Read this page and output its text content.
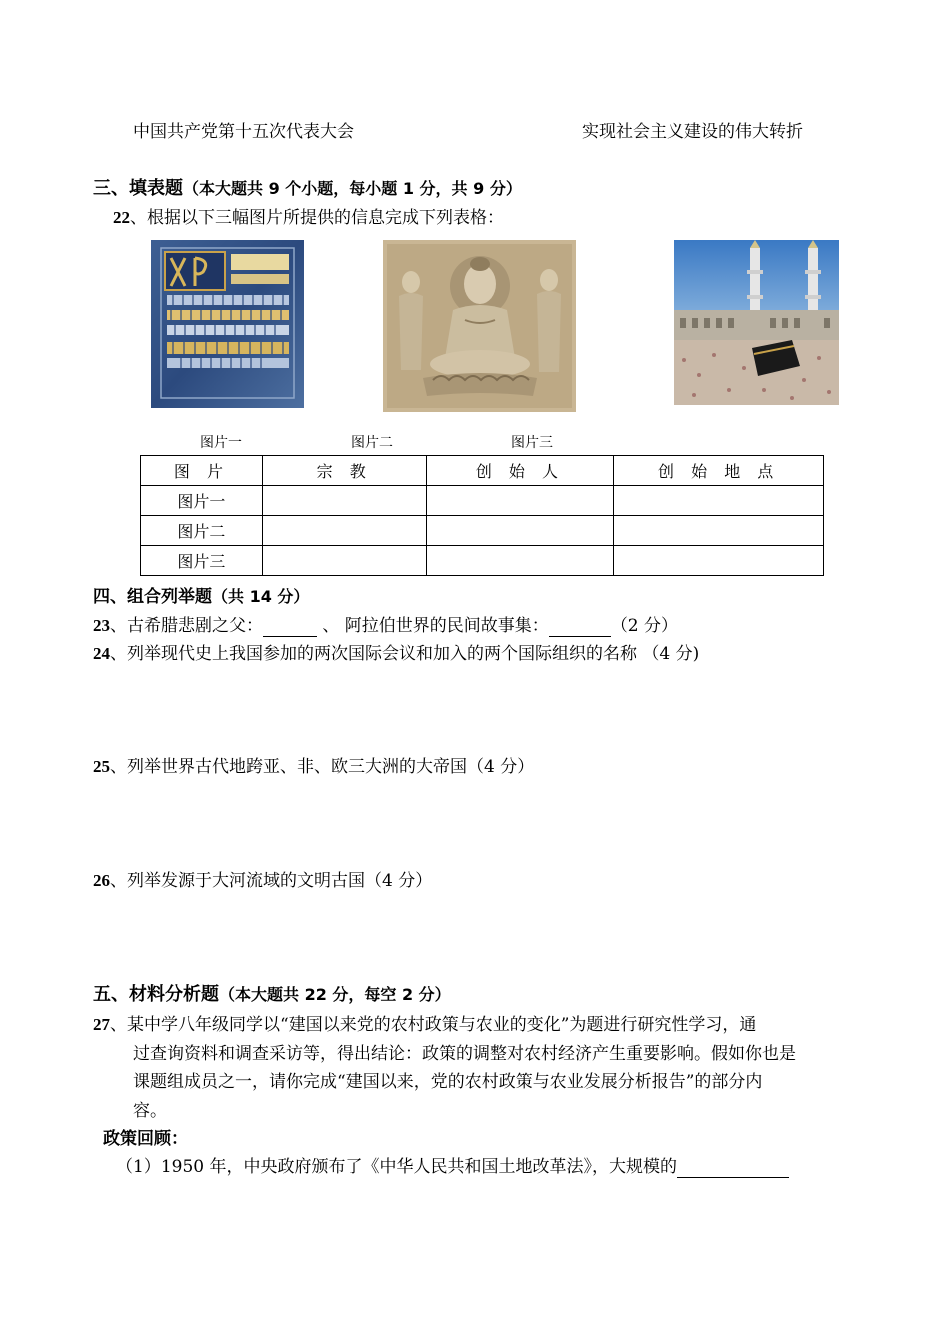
中国共产党第十五次代表大会	实现社会主义建设的伟大转折
三、填表题（本大题共 9 个小题，每小题 1 分，共 9 分）
22、根据以下三幅图片所提供的信息完成下列表格：
图片一	图片二	图片三
图 片	宗 教	创 始 人	创 始 地 点
图片一			
图片二			
图片三			
四、组合列举题（共 14 分）
23、古希腊悲剧之父：	、 阿拉伯世界的民间故事集：	（2 分）
24、列举现代史上我国参加的两次国际会议和加入的两个国际组织的名称 （4 分)
25、列举世界古代地跨亚、非、欧三大洲的大帝国（4 分）
26、列举发源于大河流域的文明古国（4 分）
五、材料分析题（本大题共 22 分，每空 2 分）
27、某中学八年级同学以“建国以来党的农村政策与农业的变化”为题进行研究性学习，通
过查询资料和调查采访等，得出结论：政策的调整对农村经济产生重要影响。假如你也是
课题组成员之一，请你完成“建国以来，党的农村政策与农业发展分析报告”的部分内
容。
政策回顾：
（1）1950 年，中央政府颁布了《中华人民共和国土地改革法》，大规模的
